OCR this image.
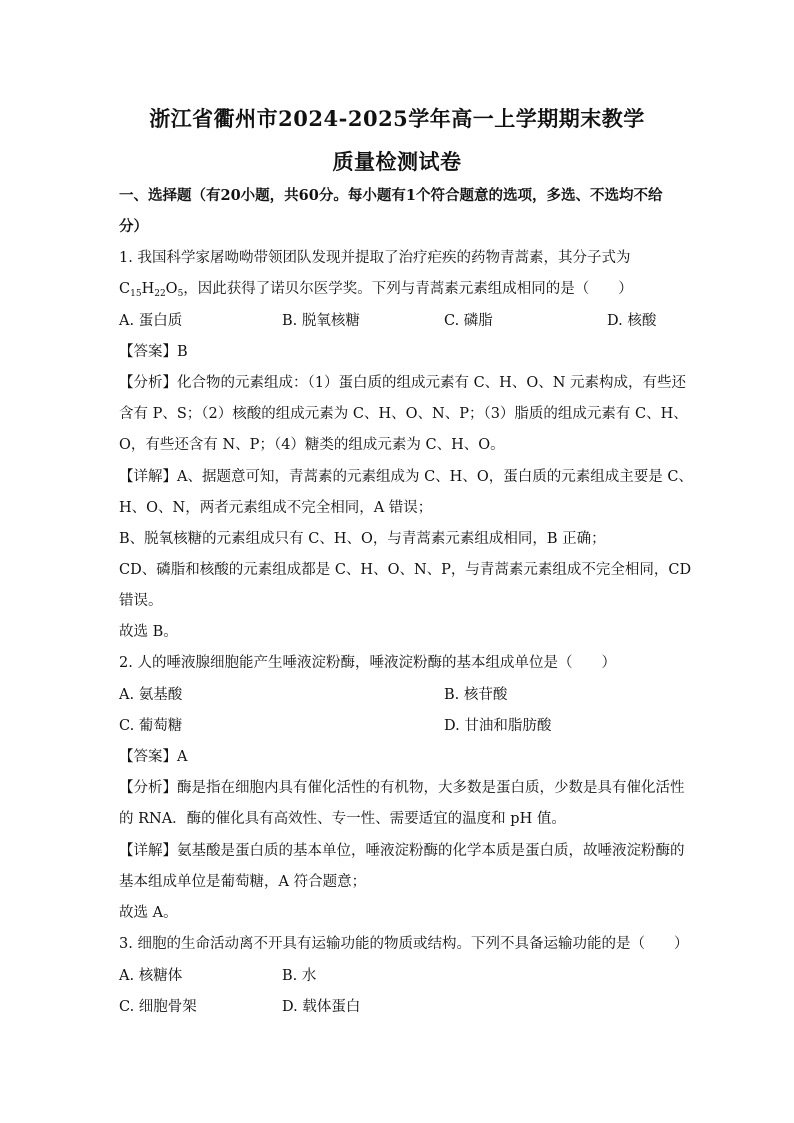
浙江省衢州市2024-2025学年高一上学期期末教学
质量检测试卷
一、选择题（有20小题，共60分。每小题有1个符合题意的选项，多选、不选均不给
分）
1. 我国科学家屠呦呦带领团队发现并提取了治疗疟疾的药物青蒿素，其分子式为
$C_{15}H_{22}O_5$，因此获得了诺贝尔医学奖。下列与青蒿素元素组成相同的是（　　）
A. 蛋白质	B. 脱氧核糖	C. 磷脂	D. 核酸
【答案】B
【分析】化合物的元素组成：（1）蛋白质的组成元素有 C、H、O、N 元素构成，有些还
含有 P、S；（2）核酸的组成元素为 C、H、O、N、P；（3）脂质的组成元素有 C、H、
O，有些还含有 N、P；（4）糖类的组成元素为 C、H、O。
【详解】A、据题意可知，青蒿素的元素组成为 C、H、O，蛋白质的元素组成主要是 C、
H、O、N，两者元素组成不完全相同，A 错误；
B、脱氧核糖的元素组成只有 C、H、O，与青蒿素元素组成相同，B 正确；
CD、磷脂和核酸的元素组成都是 C、H、O、N、P，与青蒿素元素组成不完全相同，CD
错误。
故选 B。
2. 人的唾液腺细胞能产生唾液淀粉酶，唾液淀粉酶的基本组成单位是（　　）
A. 氨基酸	B. 核苷酸
C. 葡萄糖	D. 甘油和脂肪酸
【答案】A
【分析】酶是指在细胞内具有催化活性的有机物，大多数是蛋白质，少数是具有催化活性
的 RNA．酶的催化具有高效性、专一性、需要适宜的温度和 pH 值。
【详解】氨基酸是蛋白质的基本单位，唾液淀粉酶的化学本质是蛋白质，故唾液淀粉酶的
基本组成单位是葡萄糖，A 符合题意；
故选 A。
3. 细胞的生命活动离不开具有运输功能的物质或结构。下列不具备运输功能的是（　　）
A. 核糖体	B. 水
C. 细胞骨架	D. 载体蛋白
